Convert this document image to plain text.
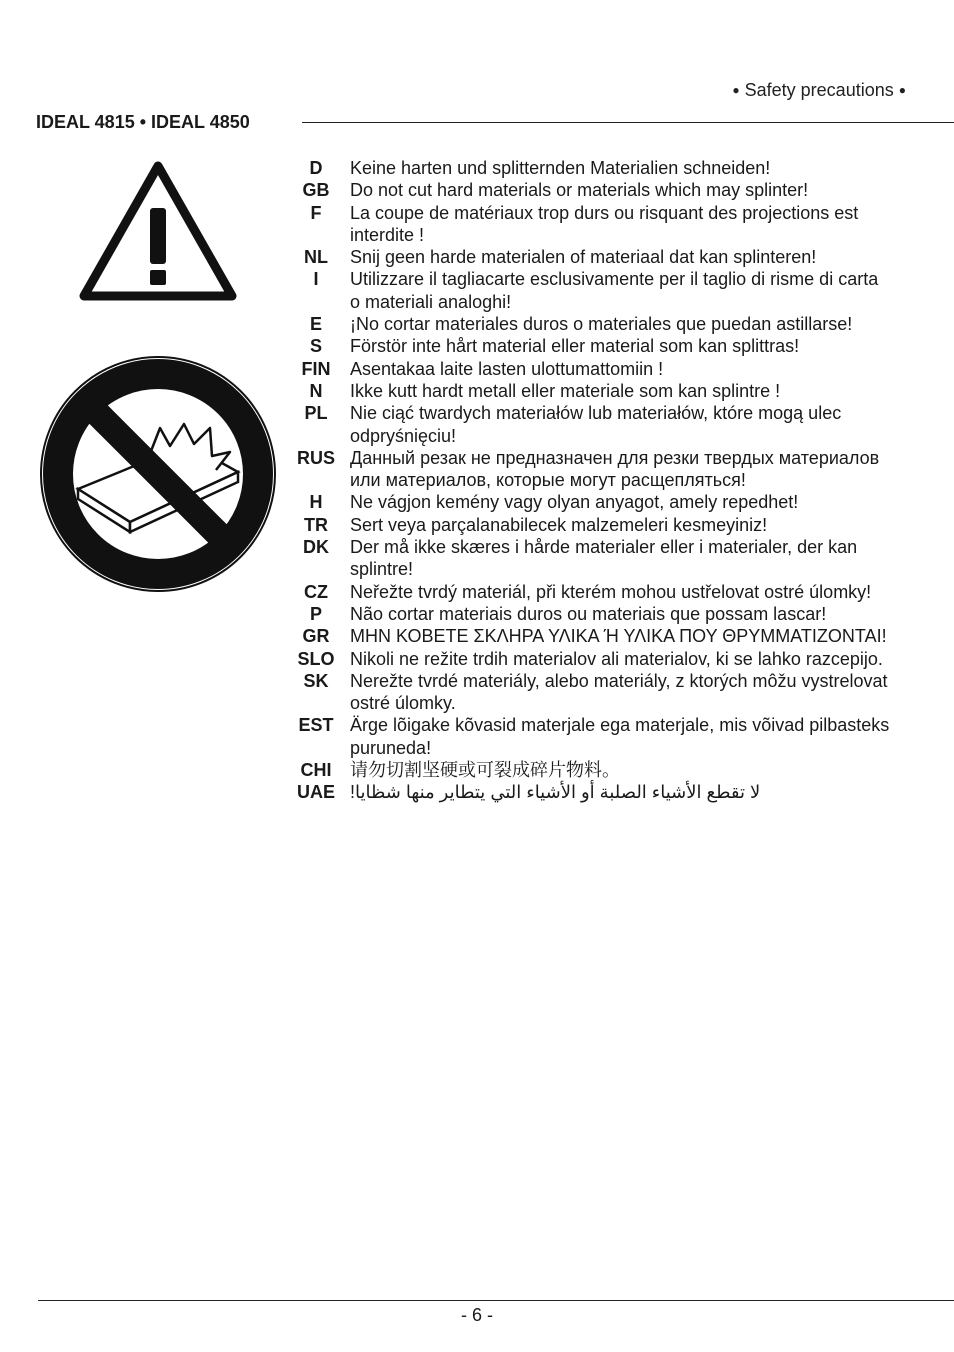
● Safety precautions ●
IDEAL 4815 • IDEAL 4850
D	Keine harten und splitternden Materialien schneiden!
GB	Do not cut hard materials or materials which may splinter!
F	La coupe de matériaux trop durs ou risquant des projections est interdite !
NL	Snij geen harde materialen of materiaal dat kan splinteren!
I	Utilizzare il tagliacarte esclusivamente per il taglio di risme di carta o materiali analoghi!
E	¡No cortar materiales duros o materiales que puedan astillarse!
S	Förstör inte hårt material eller material som kan splittras!
FIN	Asentakaa laite lasten ulottumattomiin !
N	Ikke kutt hardt metall eller materiale som kan splintre !
PL	Nie ciąć twardych materiałów lub materiałów, które mogą ulec odpryśnięciu!
RUS Данный резак не предназначен для резки твердых материалов или материалов, которые могут расщепляться!
H	Ne vágjon kemény vagy olyan anyagot, amely repedhet!
TR	Sert veya parçalanabilecek malzemeleri kesmeyiniz!
DK	Der må ikke skæres i hårde materialer eller i materialer, der kan splintre!
CZ	Neřežte tvrdý materiál, při kterém mohou ustřelovat ostré úlomky!
P	Não cortar materiais duros ou materiais que possam lascar!
GR	ΜΗΝ ΚΟΒΕΤΕ ΣΚΛΗΡΑ ΥΛΙΚΑ Ή ΥΛΙΚΑ ΠΟΥ ΘΡΥΜΜΑΤΙΖΟΝΤΑΙ!
SLO Nikoli ne režite trdih materialov ali materialov, ki se lahko razcepijo.
SK	Nerežte tvrdé materiály, alebo materiály, z ktorých môžu vystrelovat ostré úlomky.
EST Ärge lõigake kõvasid materjale ega materjale, mis võivad pilbasteks puruneda!
CHI	请勿切割坚硬或可裂成碎片物料。
UAE لا تقطع الأشياء الصلبة أو الأشياء التي يتطاير منها شظايا!
- 6 -
